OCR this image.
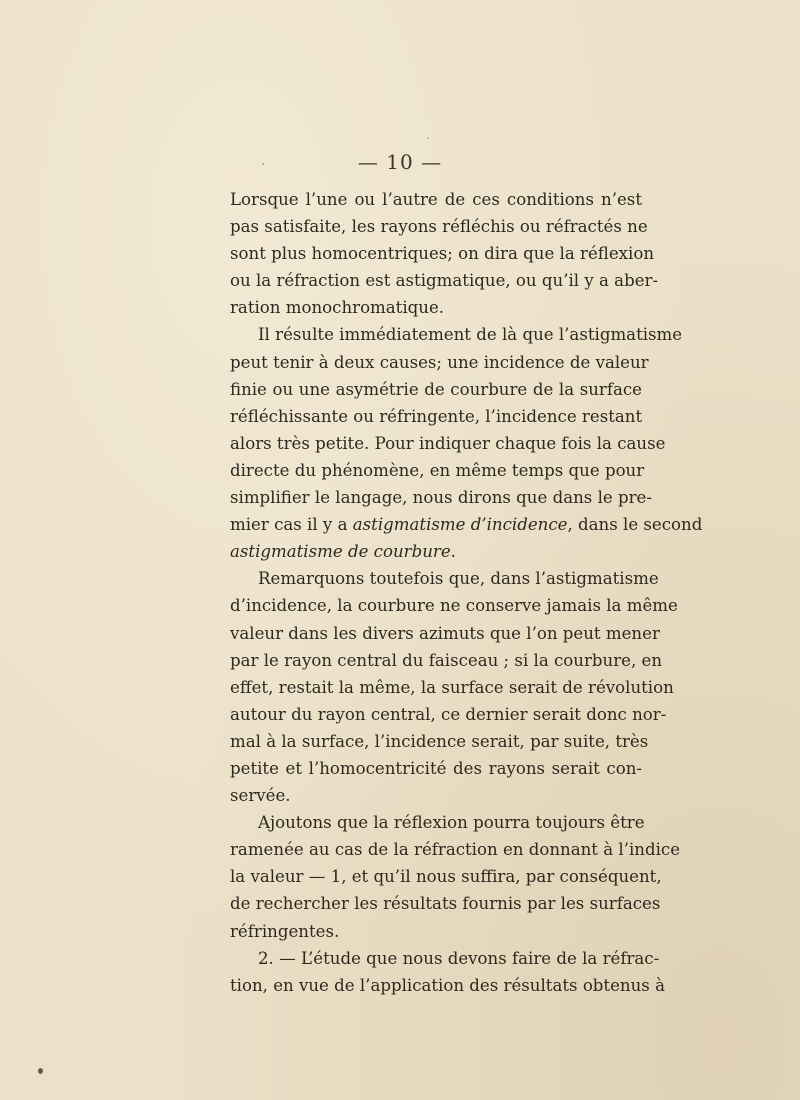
— 10 —
Lorsque l’une ou l’autre de ces conditions n’est
pas satisfaite, les rayons réfléchis ou réfractés ne
sont plus homocentriques; on dira que la réflexion
ou la réfraction est astigmatique, ou qu’il y a aber-
ration monochromatique.
Il résulte immédiatement de là que l’astigmatisme
peut tenir à deux causes; une incidence de valeur
finie ou une asymétrie de courbure de la surface
réfléchissante ou réfringente, l’incidence restant
alors très petite. Pour indiquer chaque fois la cause
directe du phénomène, en même temps que pour
simplifier le langage, nous dirons que dans le pre-
mier cas il y a astigmatisme d’incidence, dans le second
astigmatisme de courbure.
Remarquons toutefois que, dans l’astigmatisme
d’incidence, la courbure ne conserve jamais la même
valeur dans les divers azimuts que l’on peut mener
par le rayon central du faisceau ; si la courbure, en
effet, restait la même, la surface serait de révolution
autour du rayon central, ce dernier serait donc nor-
mal à la surface, l’incidence serait, par suite, très
petite et l’homocentricité des rayons serait con-
servée.
Ajoutons que la réflexion pourra toujours être
ramenée au cas de la réfraction en donnant à l’indice
la valeur — 1, et qu’il nous suffira, par conséquent,
de rechercher les résultats fournis par les surfaces
réfringentes.
2. — L’étude que nous devons faire de la réfrac-
tion, en vue de l’application des résultats obtenus à
